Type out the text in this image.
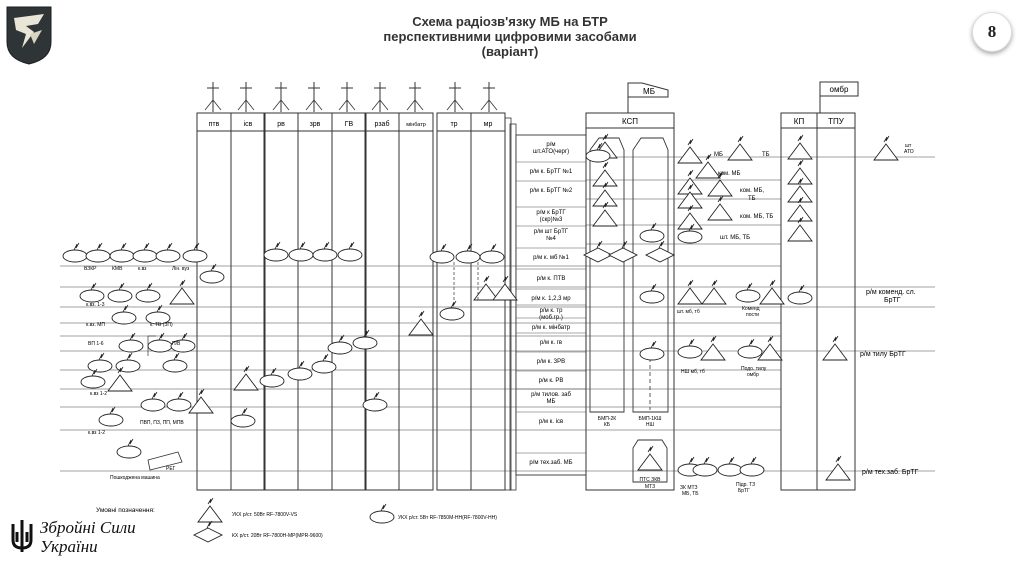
Схема радіозв'язку МБ на БТР
перспективними цифровими засобами
(варіант)
8
птв	ісв	рв	зрв	ГВ	рзаб	мінбатр	тр	мр
р/м
шт.АТО(черг)
р/м к. БрТГ №1
р/м к. БрТГ №2
р/м к БрТГ
(скр)№3
р/м шт БрТГ
№4
р/м к. мб №1
р/м к. ПТВ
р/м к. 1,2,3 мр
р/м к. тр
(моб.гр.)
р/м к. мінбатр
р/м к. гв
р/м к. ЗРВ
р/м к. РВ
р/м тилов. заб
МБ
р/м к. ісв
р/м тех.заб. МБ
КСП
МБ
БМП-2К
КБ
БМП-1КШ
НШ
ПТС ЗКВ
МТЗ
КП	ТПУ
омбр
МБ	ТБ
ком. МБ
ком. МБ,
ТБ
ком. МБ, ТБ
шт. МБ, ТБ
шт. мб, тб	Коменд
пости
НШ мб, тб	Подо. тилу
омбр
ЗК МТЗ
МБ, ТБ
Підр. ТЗ
БрТГ
шт
АТО
р/м коменд. сл.
БрТГ
р/м тилу БрТГ
р/м тех.заб. БрТГ
ВЗКР	КМВ	к.вз	Лін. вуз
к.вз. 1-3
к.вз. МП	к. ТВ (ЗП)
ВП 1-6	П/В
к.вз 1-2
ПВП, ПЗ, ПП, МПВ
к.вз 1-2
РЕГ
Пошкоджена машина
Умовні позначення:
УКХ р/ст. 50Вт RF-7800V-VS	УКХ р/ст. 5Вт RF-7850M-HH(RF-7800V-HH)
КХ р/ст. 20Вт RF-7800H-MP(MPR-9600)
Збройні Сили
України
